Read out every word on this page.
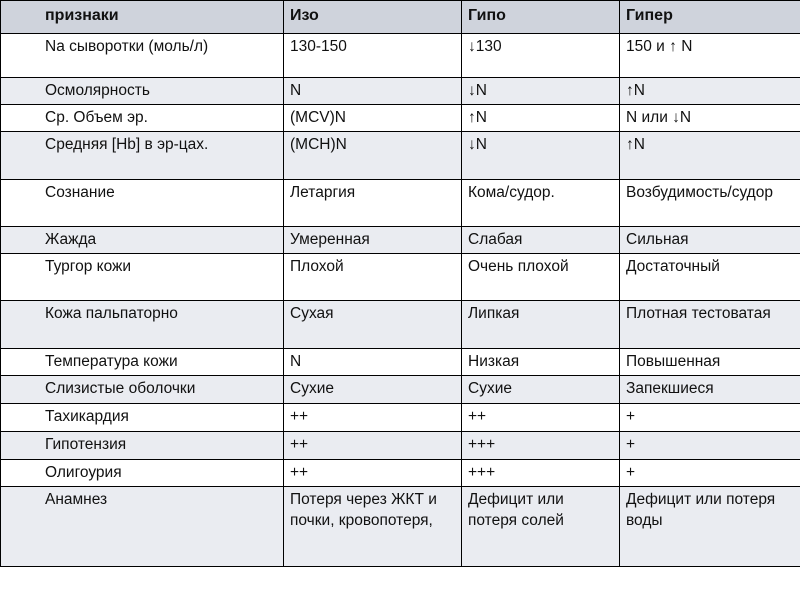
признаки	Изо	Гипо	Гипер
Na сыворотки (моль/л)	130-150	↓130	150 и ↑ N
Осмолярность	N	↓N	↑N
Ср. Объем эр.	(MCV)N	↑N	N или ↓N
Средняя [Hb] в эр-цах.	(MCH)N	↓N	↑N
Сознание	Летаргия	Кома/судор.	Возбудимость/судор
Жажда	Умеренная	Слабая	Сильная
Тургор кожи	Плохой	Очень плохой	Достаточный
Кожа пальпаторно	Сухая	Липкая	Плотная тестоватая
Температура кожи	N	Низкая	Повышенная
Слизистые оболочки	Сухие	Сухие	Запекшиеся
Тахикардия	++	++	+
Гипотензия	++	+++	+
Олигоурия	++	+++	+
Анамнез	Потеря через ЖКТ и почки, кровопотеря,	Дефицит или потеря солей	Дефицит или потеря воды
